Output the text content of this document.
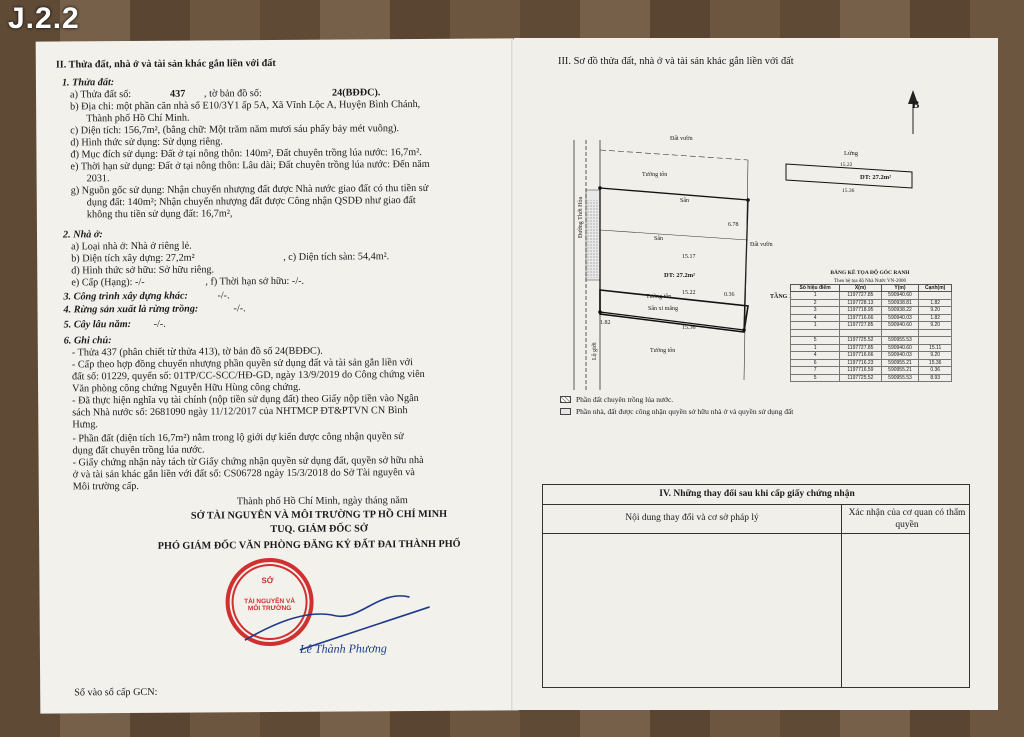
J.2.2
II. Thửa đất, nhà ở và tài sản khác gắn liền với đất
1. Thửa đất:
a) Thửa đất số:	437 , tờ bản đồ số:	24(BĐĐC).
b) Địa chỉ: một phần căn nhà số E10/3Y1 ấp 5A, Xã Vĩnh Lộc A, Huyện Bình Chánh,
Thành phố Hồ Chí Minh.
c) Diện tích: 156,7m², (bằng chữ: Một trăm năm mươi sáu phẩy bảy mét vuông).
d) Hình thức sử dụng: Sử dụng riêng.
đ) Mục đích sử dụng: Đất ở tại nông thôn: 140m², Đất chuyên trồng lúa nước: 16,7m².
e) Thời hạn sử dụng: Đất ở tại nông thôn: Lâu dài; Đất chuyên trồng lúa nước: Đến năm
2031.
g) Nguồn gốc sử dụng: Nhận chuyển nhượng đất được Nhà nước giao đất có thu tiền sử
dụng đất: 140m²; Nhận chuyển nhượng đất được Công nhận QSDĐ như giao đất
không thu tiền sử dụng đất: 16,7m²,
2. Nhà ở:
a) Loại nhà ở: Nhà ở riêng lẻ.
b) Diện tích xây dựng: 27,2m²	, c) Diện tích sàn: 54,4m².
d) Hình thức sở hữu: Sở hữu riêng.
e) Cấp (Hạng): -/-	, f) Thời hạn sở hữu: -/-.
3. Công trình xây dựng khác:	-/-.
4. Rừng sản xuất là rừng trồng:	-/-.
5. Cây lâu năm: -/-.
6. Ghi chú:
- Thửa 437 (phân chiết từ thửa 413), tờ bản đồ số 24(BĐĐC).
- Cấp theo hợp đồng chuyển nhượng phần quyền sử dụng đất và tài sản gắn liền với
đất số: 01229, quyển số: 01TP/CC-SCC/HĐ-GD, ngày 13/9/2019 do Công chứng viên
Văn phòng công chứng Nguyễn Hữu Hùng công chứng.
- Đã thực hiện nghĩa vụ tài chính (nộp tiền sử dụng đất) theo Giấy nộp tiền vào Ngân
sách Nhà nước số: 2681090 ngày 11/12/2017 của NHTMCP ĐT&PTVN CN Bình
Hưng.
- Phần đất (diện tích 16,7m²) nằm trong lộ giới dự kiến được công nhận quyền sử
dụng đất chuyên trồng lúa nước.
- Giấy chứng nhận này tách từ Giấy chứng nhận quyền sử dụng đất, quyền sở hữu nhà
ở và tài sản khác gắn liền với đất số: CS06728 ngày 15/3/2018 do Sở Tài nguyên và
Môi trường cấp.
Thành phố Hồ Chí Minh, ngày tháng năm
SỞ TÀI NGUYÊN VÀ MÔI TRƯỜNG TP HỒ CHÍ MINH
TUQ. GIÁM ĐỐC SỞ
PHÓ GIÁM ĐỐC VĂN PHÒNG ĐĂNG KÝ ĐẤT ĐAI THÀNH PHỐ
SỞ
TÀI NGUYÊN VÀ MÔI TRƯỜNG
Lê Thành Phương
Số vào sổ cấp GCN:
III. Sơ đồ thửa đất, nhà ở và tài sản khác gắn liền với đất
B
Đất vườn
Đất vườn
Tường tôn
Tường tôn
Tường tôn
Sân
Sân
Sân xi măng
DT: 27.2m²
Đường Thới Hòa
Lộ giới
15.22
15.36
15.17
0.36
6.78
1.82
Lửng
15.22
DT: 27.2m²
15.36
TẦNG 1
BẢNG KÊ TỌA ĐỘ GÓC RANH
Theo hệ tọa độ Nhà Nước VN-2000
Số hiệu điểm	X(m)	Y(m)	Cạnh(m)
1	1197727.85	590940.60	
2	1197728.13	590938.81	1.82
3	1197718.95	590938.22	9.20
4	1197716.66	590940.03	1.82
1	1197727.85	590940.60	9.20

5	1197725.52	590955.53	
1	1197727.85	590940.60	15.11
4	1197716.66	590940.03	9.20
6	1197716.23	590955.21	15.36
7	1197716.59	590955.21	0.36
5	1197725.52	590955.53	8.93
Phần đất chuyên trồng lúa nước.
Phần nhà, đất được công nhận quyền sở hữu nhà ở và quyền sử dụng đất
IV. Những thay đổi sau khi cấp giấy chứng nhận
Nội dung thay đổi và cơ sở pháp lý	Xác nhận của cơ quan có thẩm quyền
